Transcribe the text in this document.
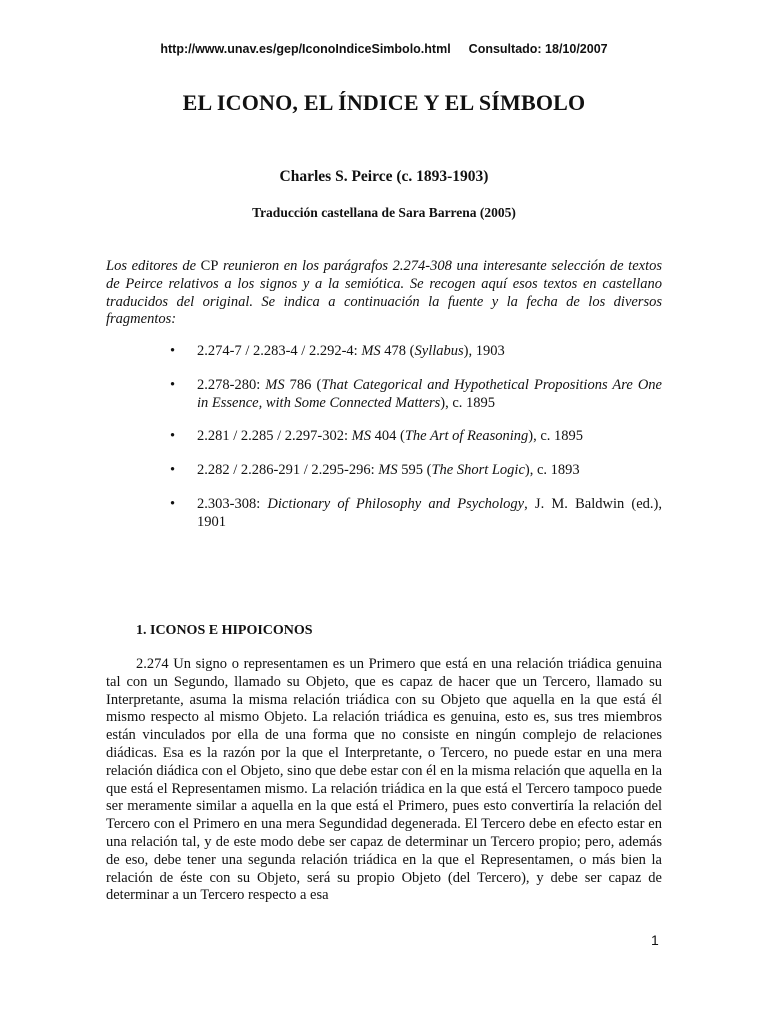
http://www.unav.es/gep/IconoIndiceSimbolo.html Consultado: 18/10/2007
EL ICONO, EL ÍNDICE Y EL SÍMBOLO
Charles S. Peirce (c. 1893-1903)
Traducción castellana de Sara Barrena (2005)

Los editores de CP reunieron en los parágrafos 2.274-308 una interesante selección de textos de Peirce relativos a los signos y a la semiótica. Se recogen aquí esos textos en castellano traducidos del original. Se indica a continuación la fuente y la fecha de los diversos fragmentos:

• 2.274-7 / 2.283-4 / 2.292-4: MS 478 (Syllabus), 1903
• 2.278-280: MS 786 (That Categorical and Hypothetical Propositions Are One in Essence, with Some Connected Matters), c. 1895
• 2.281 / 2.285 / 2.297-302: MS 404 (The Art of Reasoning), c. 1895
• 2.282 / 2.286-291 / 2.295-296: MS 595 (The Short Logic), c. 1893
• 2.303-308: Dictionary of Philosophy and Psychology, J. M. Baldwin (ed.), 1901
1. ICONOS E HIPOICONOS

2.274 Un signo o representamen es un Primero que está en una relación triádica genuina tal con un Segundo, llamado su Objeto, que es capaz de hacer que un Tercero, llamado su Interpretante, asuma la misma relación triádica con su Objeto que aquella en la que está él mismo respecto al mismo Objeto. La relación triádica es genuina, esto es, sus tres miembros están vinculados por ella de una forma que no consiste en ningún complejo de relaciones diádicas. Esa es la razón por la que el Interpretante, o Tercero, no puede estar en una mera relación diádica con el Objeto, sino que debe estar con él en la misma relación que aquella en la que está el Representamen mismo. La relación triádica en la que está el Tercero tampoco puede ser meramente similar a aquella en la que está el Primero, pues esto convertiría la relación del Tercero con el Primero en una mera Segundidad degenerada. El Tercero debe en efecto estar en una relación tal, y de este modo debe ser capaz de determinar un Tercero propio; pero, además de eso, debe tener una segunda relación triádica en la que el Representamen, o más bien la relación de éste con su Objeto, será su propio Objeto (del Tercero), y debe ser capaz de determinar a un Tercero respecto a esa

1
